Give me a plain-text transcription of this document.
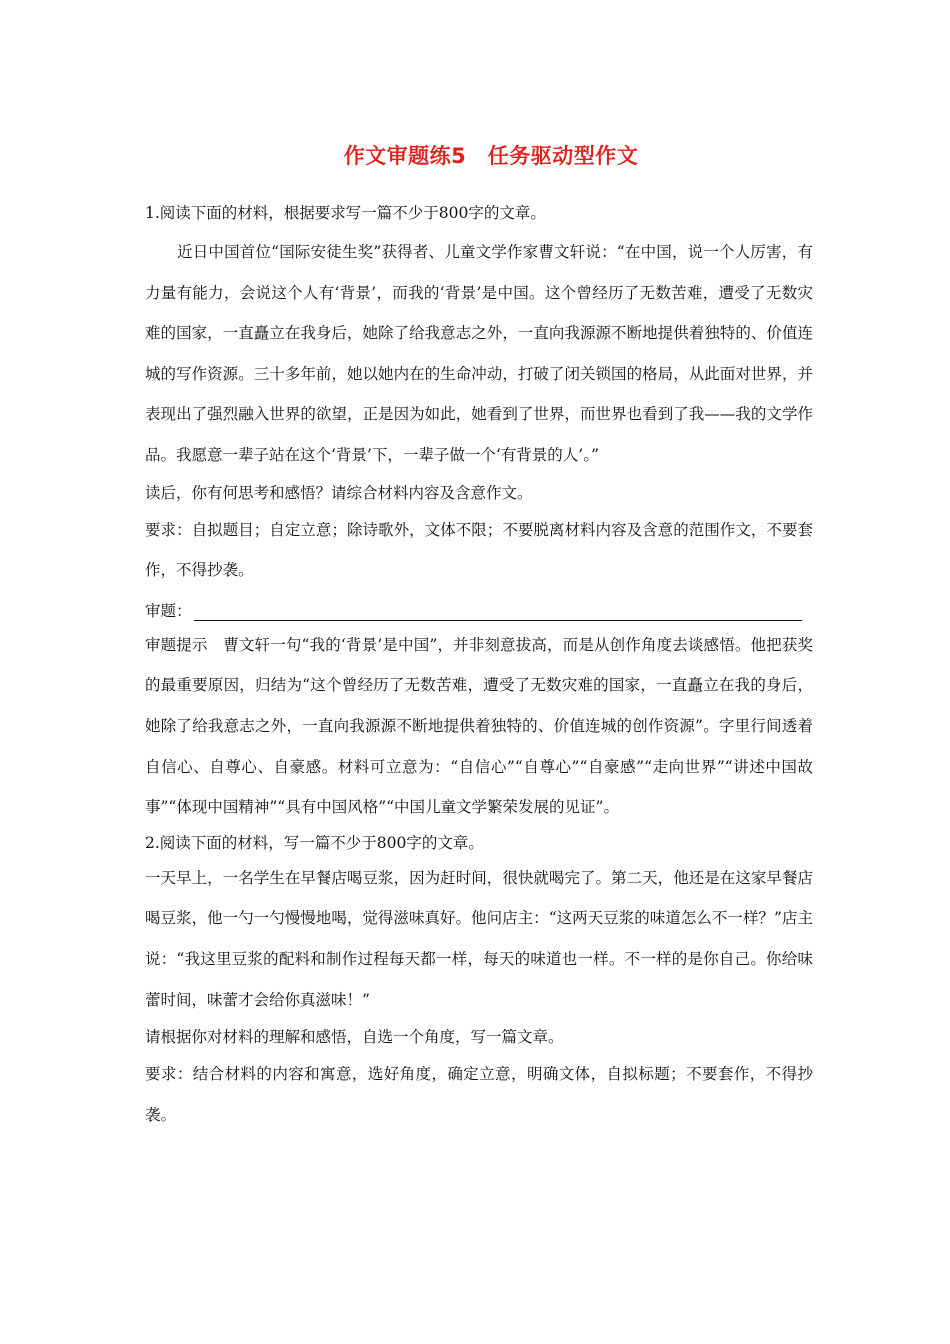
作文审题练5　任务驱动型作文

1.阅读下面的材料，根据要求写一篇不少于800字的文章。

近日中国首位“国际安徒生奖”获得者、儿童文学作家曹文轩说：“在中国，说一个人厉害，有力量有能力，会说这个人有‘背景’，而我的‘背景’是中国。这个曾经历了无数苦难，遭受了无数灾难的国家，一直矗立在我身后，她除了给我意志之外，一直向我源源不断地提供着独特的、价值连城的写作资源。三十多年前，她以她内在的生命冲动，打破了闭关锁国的格局，从此面对世界，并表现出了强烈融入世界的欲望，正是因为如此，她看到了世界，而世界也看到了我——我的文学作品。我愿意一辈子站在这个‘背景’下，一辈子做一个‘有背景的人’。”

读后，你有何思考和感悟？请综合材料内容及含意作文。

要求：自拟题目；自定立意；除诗歌外，文体不限；不要脱离材料内容及含意的范围作文，不要套作，不得抄袭。

审题：

审题提示　曹文轩一句“我的‘背景’是中国”，并非刻意拔高，而是从创作角度去谈感悟。他把获奖的最重要原因，归结为“这个曾经历了无数苦难，遭受了无数灾难的国家，一直矗立在我的身后，她除了给我意志之外，一直向我源源不断地提供着独特的、价值连城的创作资源”。字里行间透着自信心、自尊心、自豪感。材料可立意为：“自信心”“自尊心”“自豪感”“走向世界”“讲述中国故事”“体现中国精神”“具有中国风格”“中国儿童文学繁荣发展的见证”。

2.阅读下面的材料，写一篇不少于800字的文章。

一天早上，一名学生在早餐店喝豆浆，因为赶时间，很快就喝完了。第二天，他还是在这家早餐店喝豆浆，他一勺一勺慢慢地喝，觉得滋味真好。他问店主：“这两天豆浆的味道怎么不一样？”店主说：“我这里豆浆的配料和制作过程每天都一样，每天的味道也一样。不一样的是你自己。你给味蕾时间，味蕾才会给你真滋味！”

请根据你对材料的理解和感悟，自选一个角度，写一篇文章。

要求：结合材料的内容和寓意，选好角度，确定立意，明确文体，自拟标题；不要套作，不得抄袭。
